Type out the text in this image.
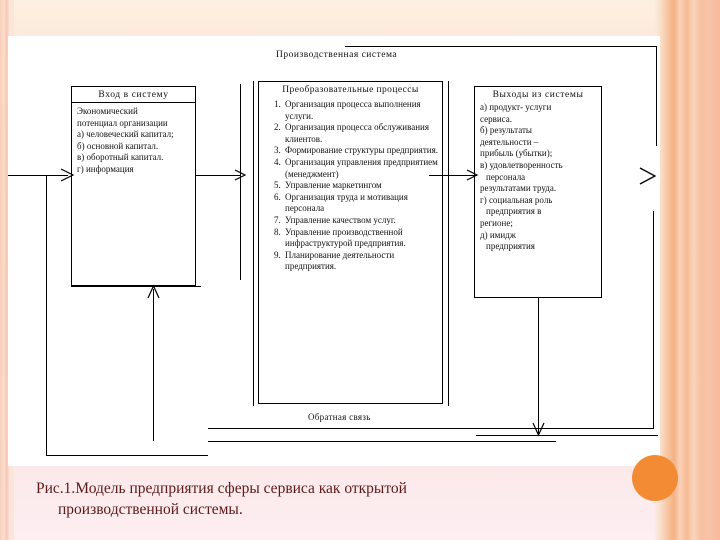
Производственная система
Вход в систему
Экономический
потенциал организации
а) человеческий капитал;
б) основной капитал.
в) оборотный капитал.
г) информация
Преобразовательные процессы
1. Организация процесса выполнения услуги.
2. Организация процесса обслуживания клиентов.
3. Формирование структуры предприятия.
4. Организация управления предприятием (менеджмент)
5. Управление маркетингом
6. Организация труда и мотивация персонала
7. Управление качеством услуг.
8. Управление производственной инфраструктурой предприятия.
9. Планирование деятельности предприятия.
Выходы из системы
а) продукт- услуги
сервиса.
б) результаты
деятельности –
прибыль (убытки);
в) удовлетворенность
персонала
результатами труда.
г) социальная роль
предприятия в
регионе;
д) имидж
предприятия
Обратная связь
Рис.1.Модель предприятия сферы сервиса как открытой
производственной системы.
